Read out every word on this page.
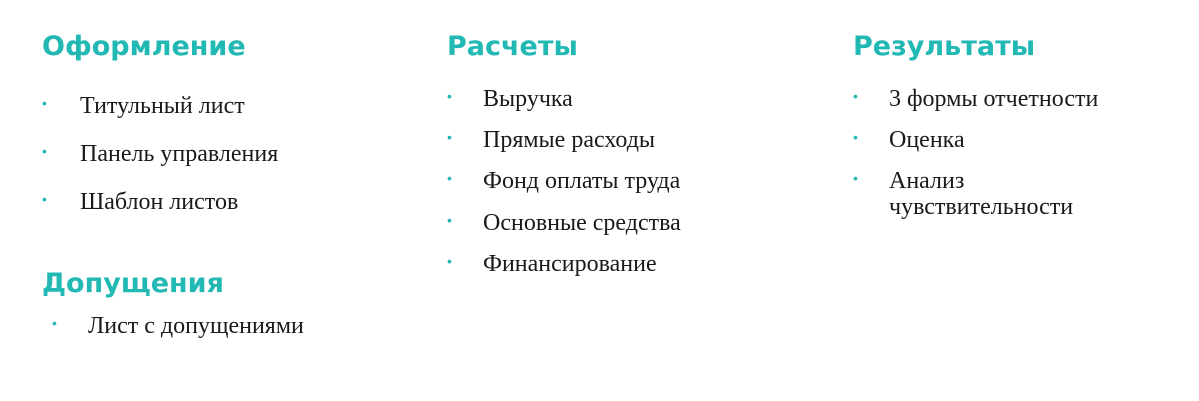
Оформление
• Титульный лист
• Панель управления
• Шаблон листов
Допущения
• Лист с допущениями
Расчеты
• Выручка
• Прямые расходы
• Фонд оплаты труда
• Основные средства
• Финансирование
Результаты
• 3 формы отчетности
• Оценка
• Анализ чувствительности
